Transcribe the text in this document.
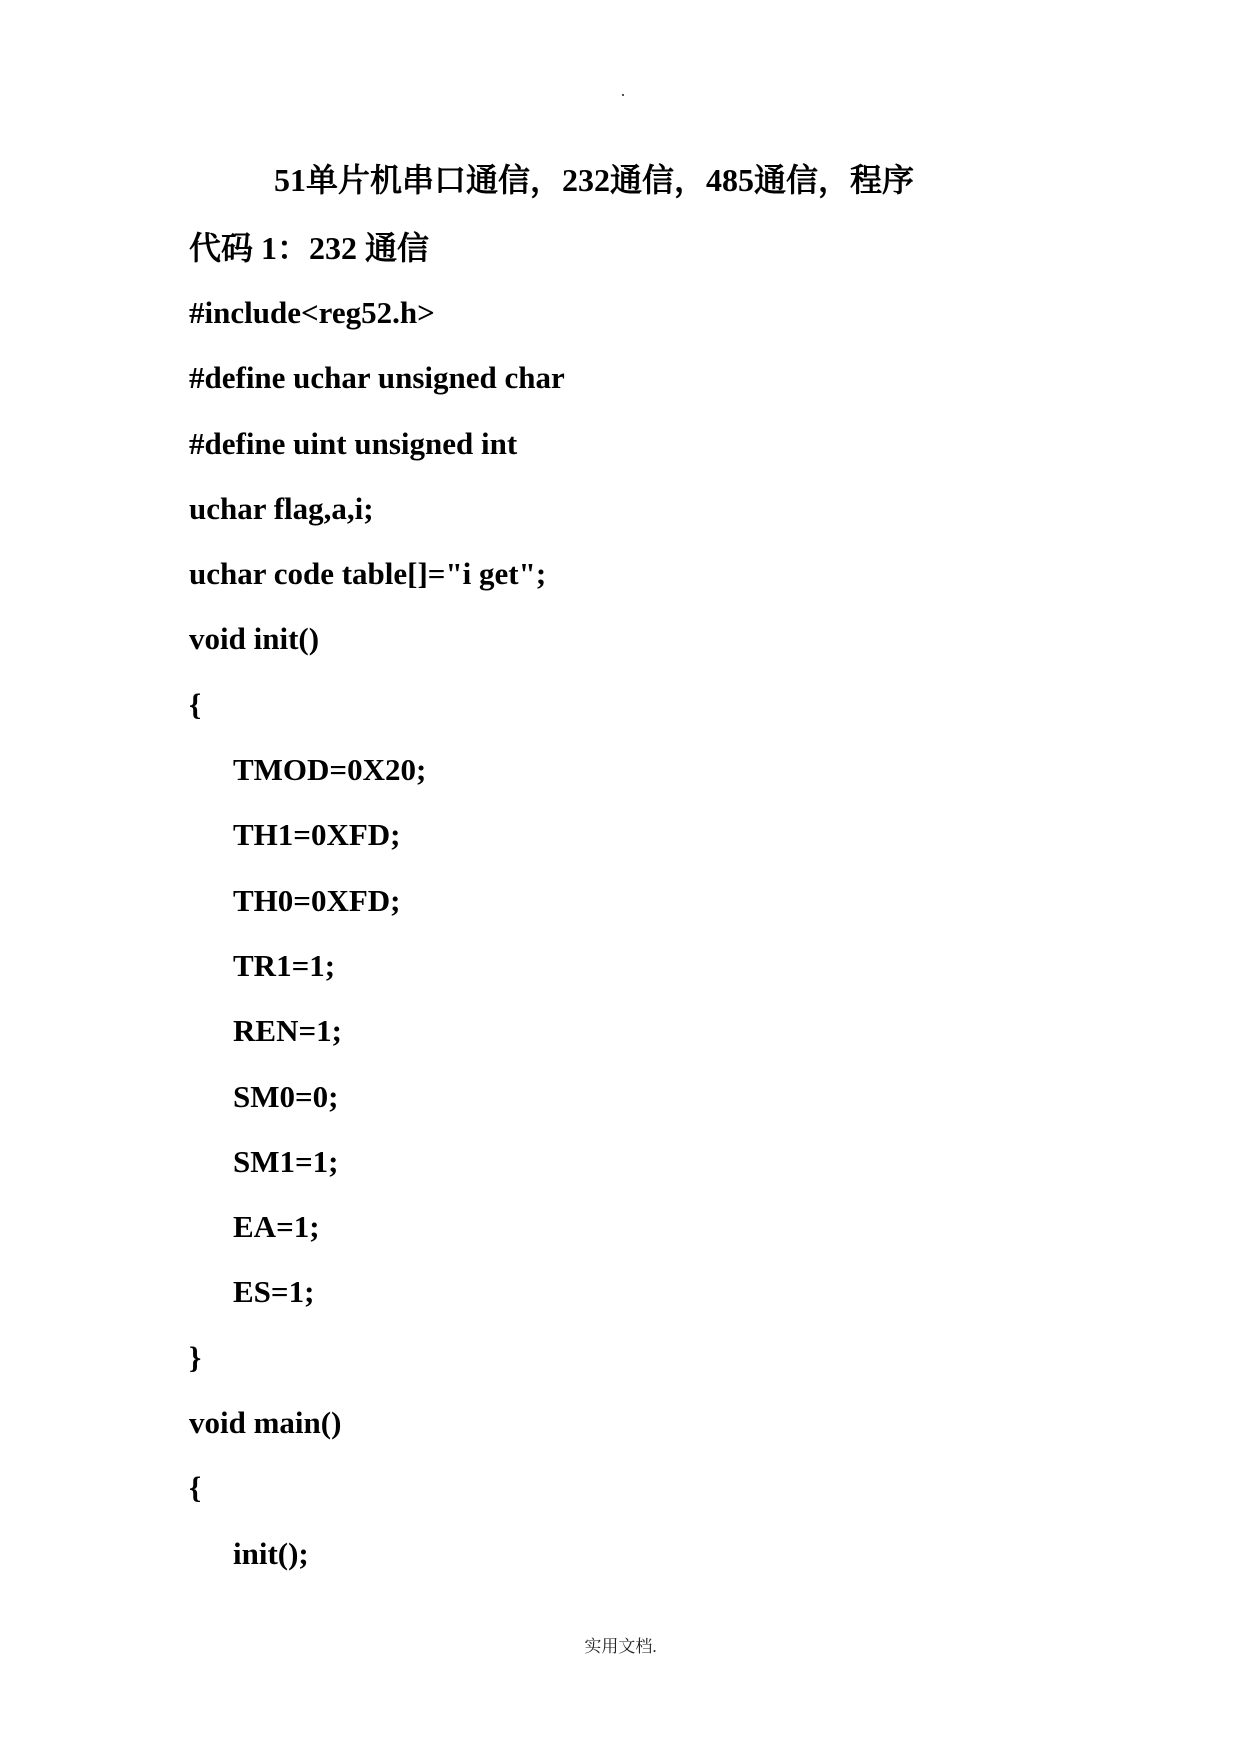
51单片机串口通信，232通信，485通信，程序
代码 1：232 通信
#include<reg52.h>
#define uchar unsigned char
#define uint unsigned int
uchar flag,a,i;
uchar code table[]="i get";
void init()
{
TMOD=0X20;
TH1=0XFD;
TH0=0XFD;
TR1=1;
REN=1;
SM0=0;
SM1=1;
EA=1;
ES=1;
}
void main()
{
init();
实用文档.
